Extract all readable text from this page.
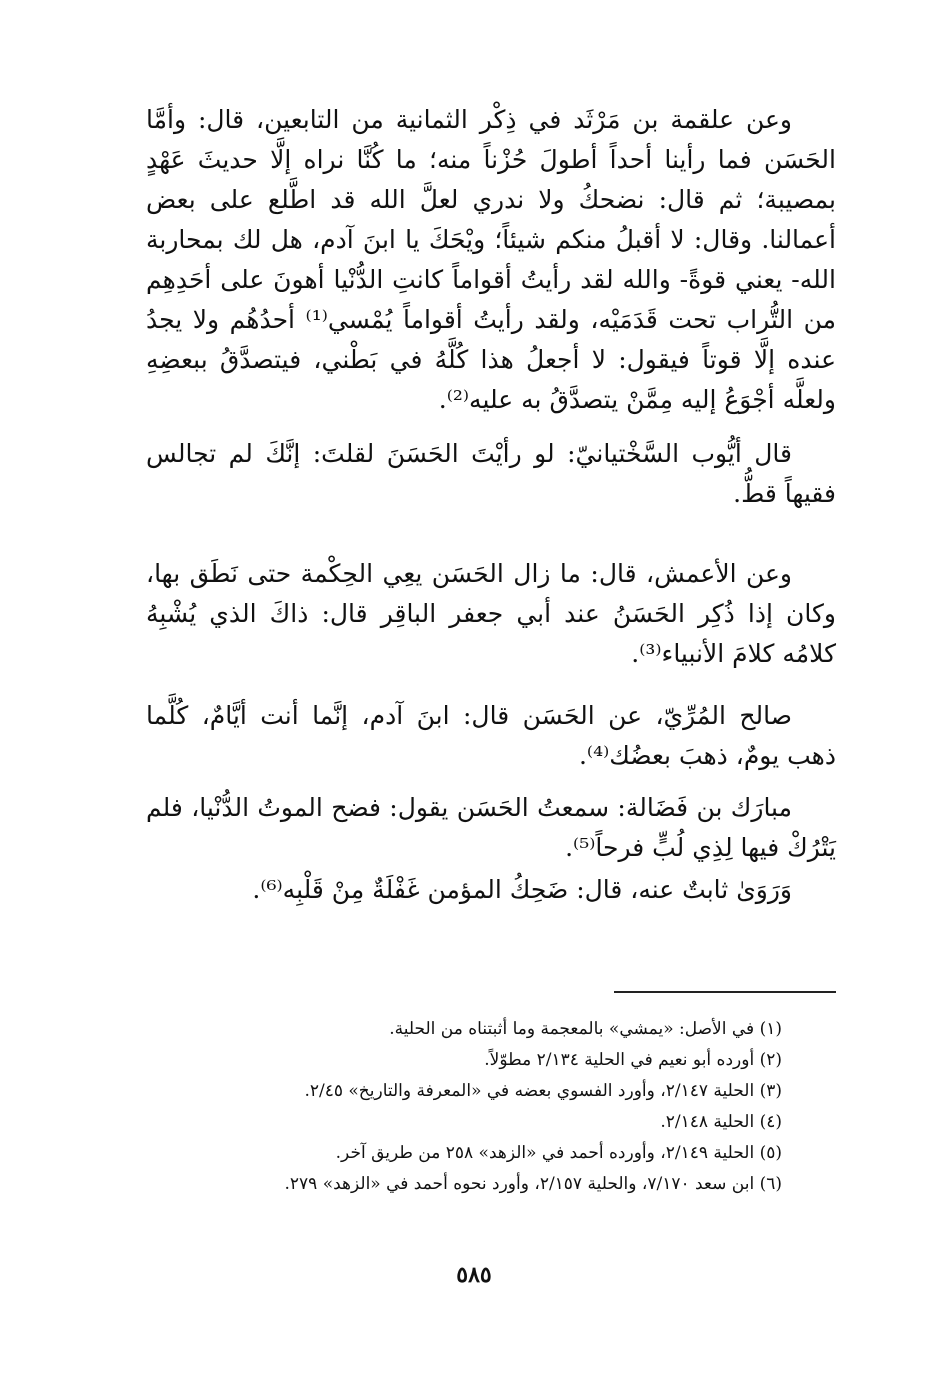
وعن علقمة بن مَرْثَد في ذِكْر الثمانية من التابعين، قال: وأمَّا الحَسَن فما رأينا أحداً أطولَ حُزْناً منه؛ ما كُنَّا نراه إلَّا حديثَ عَهْدٍ بمصيبة؛ ثم قال: نضحكُ ولا ندري لعلَّ الله قد اطَّلع على بعض أعمالنا. وقال: لا أقبلُ منكم شيئاً؛ ويْحَكَ يا ابنَ آدم، هل لك بمحاربة الله- يعني قوةً- والله لقد رأيتُ أقواماً كانتِ الدُّنْيا أهونَ على أحَدِهِم من التُّراب تحت قَدَمَيْه، ولقد رأيتُ أقواماً يُمْسي⁽¹⁾ أحدُهُم ولا يجدُ عنده إلَّا قوتاً فيقول: لا أجعلُ هذا كُلَّهُ في بَطْني، فيتصدَّقُ ببعضِهِ ولعلَّه أجْوَعُ إليه مِمَّنْ يتصدَّقُ به عليه⁽²⁾.

قال أيُّوب السَّخْتيانيّ: لو رأيْتَ الحَسَنَ لقلتَ: إنَّكَ لم تجالس فقيهاً قطُّ.

وعن الأعمش، قال: ما زال الحَسَن يعِي الحِكْمة حتى نَطَق بها، وكان إذا ذُكِر الحَسَنُ عند أبي جعفر الباقِر قال: ذاكَ الذي يُشْبِهُ كلامُه كلامَ الأنبياء⁽³⁾.

صالح المُرِّيّ، عن الحَسَن قال: ابنَ آدم، إنَّما أنت أيَّامٌ، كُلَّما ذهب يومٌ، ذهبَ بعضُك⁽⁴⁾.

مبارَك بن فَضَالة: سمعتُ الحَسَن يقول: فضح الموتُ الدُّنْيا، فلم يَتْرُكْ فيها لِذِي لُبٍّ فرحاً⁽⁵⁾.

وَرَوَىٰ ثابتٌ عنه، قال: ضَحِكُ المؤمن غَفْلَةٌ مِنْ قَلْبِه⁽⁶⁾.

(١) في الأصل: «يمشي» بالمعجمة وما أثبتناه من الحلية.

(٢) أورده أبو نعيم في الحلية ٢/١٣٤ مطوّلاً.

(٣) الحلية ٢/١٤٧، وأورد الفسوي بعضه في «المعرفة والتاريخ» ٢/٤٥.

(٤) الحلية ٢/١٤٨.

(٥) الحلية ٢/١٤٩، وأورده أحمد في «الزهد» ٢٥٨ من طريق آخر.

(٦) ابن سعد ٧/١٧٠، والحلية ٢/١٥٧، وأورد نحوه أحمد في «الزهد» ٢٧٩.

٥٨٥
